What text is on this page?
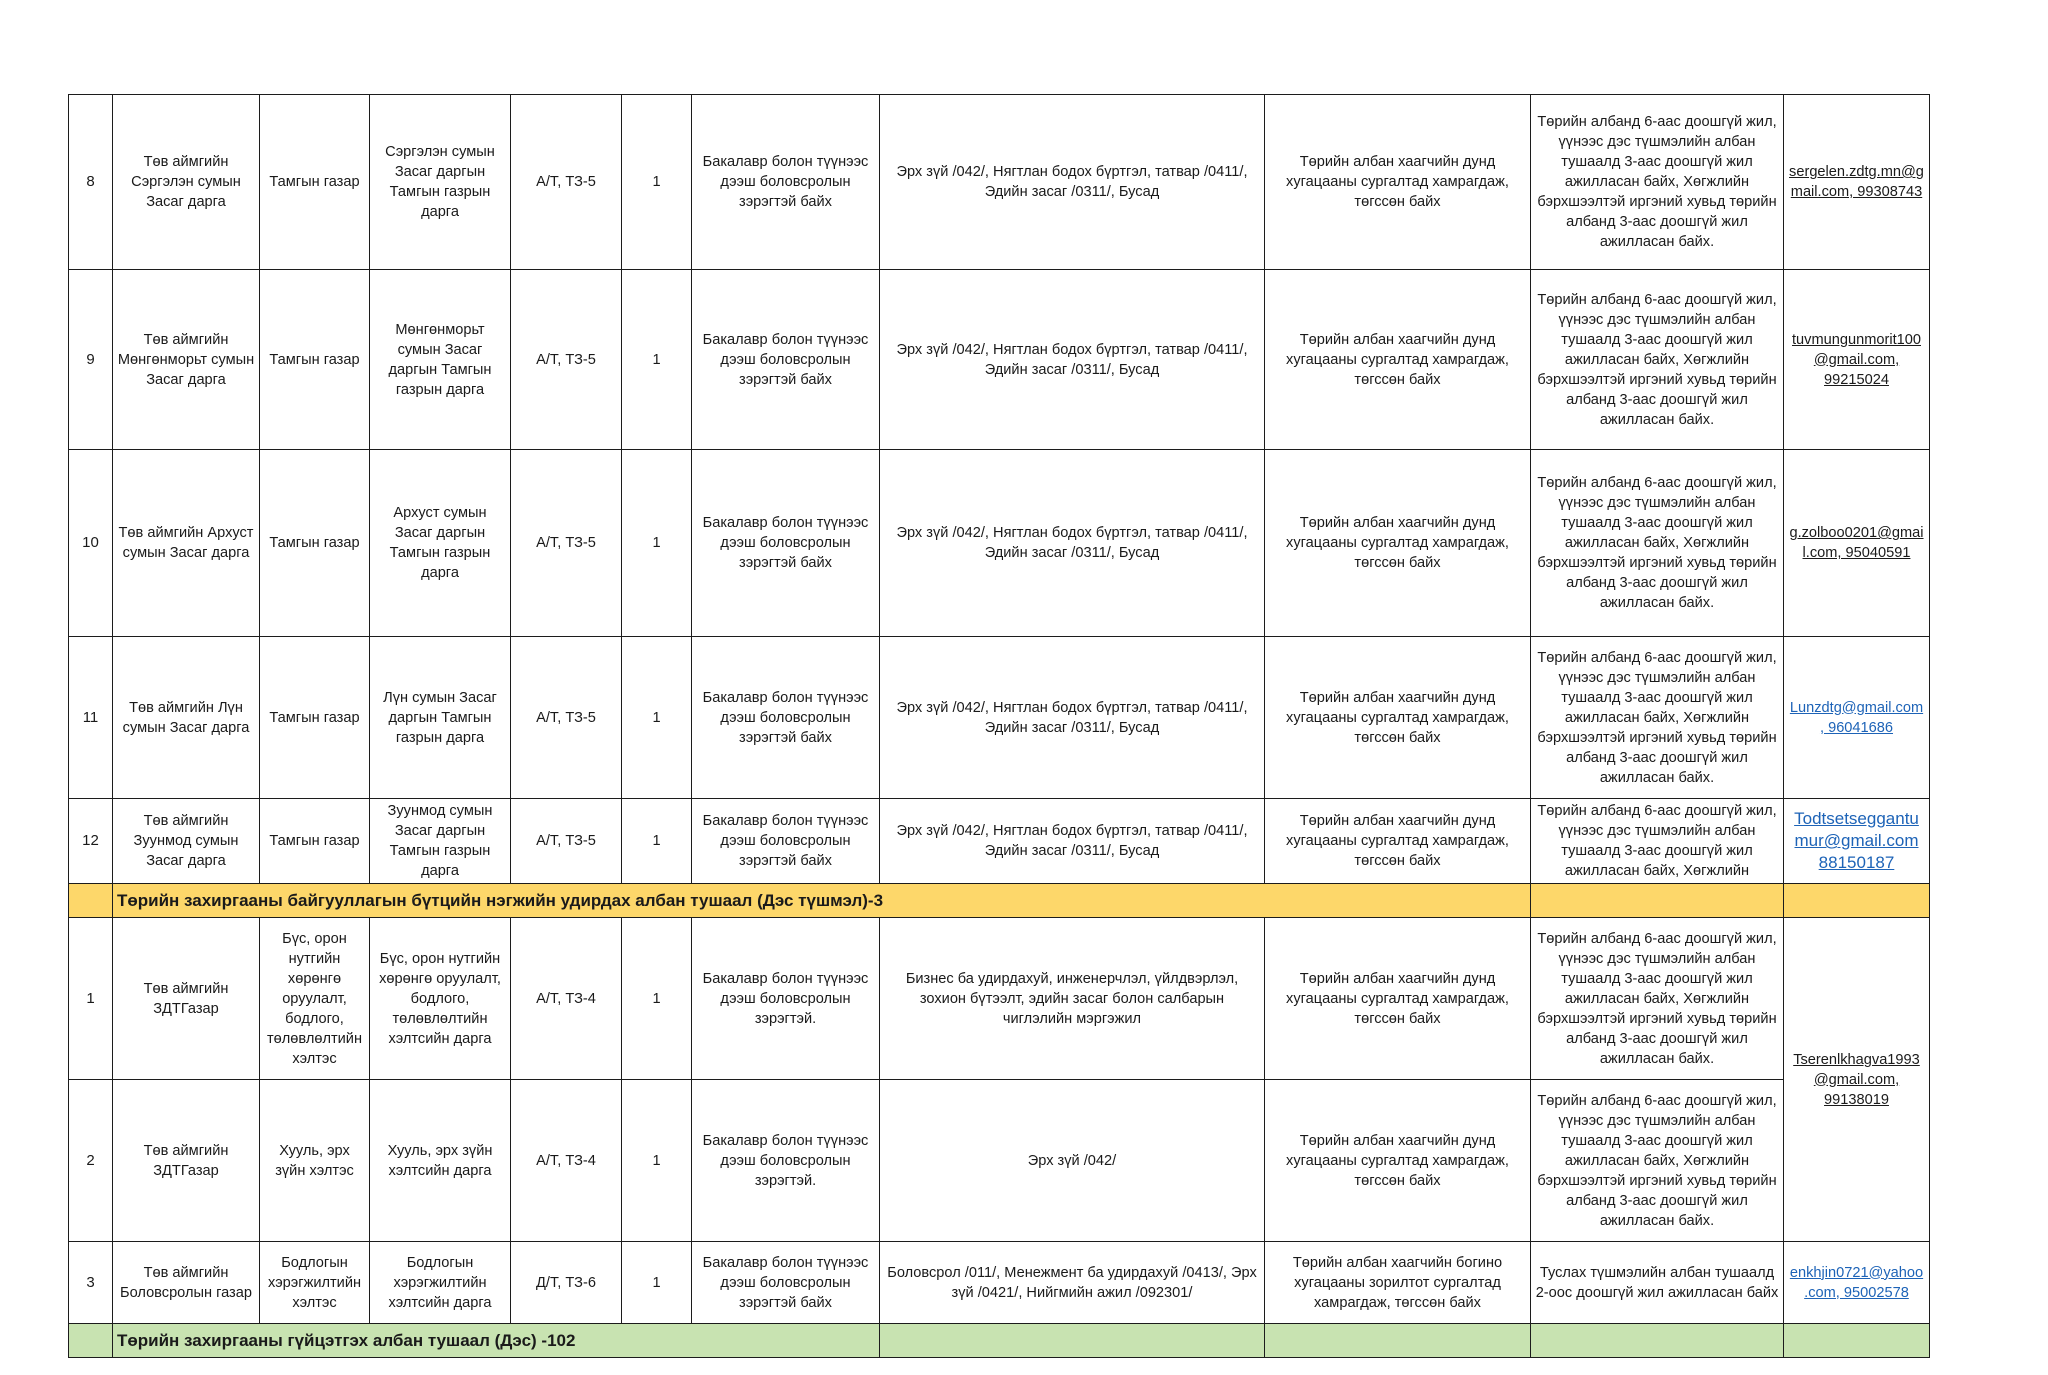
8	Төв аймгийн Сэргэлэн сумын Засаг дарга	Тамгын газар	Сэргэлэн сумын Засаг даргын Тамгын газрын дарга	А/Т, ТЗ-5	1	Бакалавр болон түүнээс дээш боловсролын зэрэгтэй байх	Эрх зүй /042/, Нягтлан бодох бүртгэл, татвар /0411/, Эдийн засаг /0311/, Бусад	Төрийн албан хаагчийн дунд хугацааны сургалтад хамрагдаж, төгссөн байх	Төрийн албанд 6-аас доошгүй жил, үүнээс дэс түшмэлийн албан тушаалд 3-аас доошгүй жил ажилласан байх, Хөгжлийн бэрхшээлтэй иргэний хувьд төрийн албанд 3-аас доошгүй жил ажилласан байх.	sergelen.zdtg.mn@gmail.com, 99308743
9	Төв аймгийн Мөнгөнморьт сумын Засаг дарга	Тамгын газар	Мөнгөнморьт сумын Засаг даргын Тамгын газрын дарга	А/Т, ТЗ-5	1	Бакалавр болон түүнээс дээш боловсролын зэрэгтэй байх	Эрх зүй /042/, Нягтлан бодох бүртгэл, татвар /0411/, Эдийн засаг /0311/, Бусад	Төрийн албан хаагчийн дунд хугацааны сургалтад хамрагдаж, төгссөн байх	Төрийн албанд 6-аас доошгүй жил, үүнээс дэс түшмэлийн албан тушаалд 3-аас доошгүй жил ажилласан байх, Хөгжлийн бэрхшээлтэй иргэний хувьд төрийн албанд 3-аас доошгүй жил ажилласан байх.	tuvmungunmorit100@gmail.com, 99215024
10	Төв аймгийн Архуст сумын Засаг дарга	Тамгын газар	Архуст сумын Засаг даргын Тамгын газрын дарга	А/Т, ТЗ-5	1	Бакалавр болон түүнээс дээш боловсролын зэрэгтэй байх	Эрх зүй /042/, Нягтлан бодох бүртгэл, татвар /0411/, Эдийн засаг /0311/, Бусад	Төрийн албан хаагчийн дунд хугацааны сургалтад хамрагдаж, төгссөн байх	Төрийн албанд 6-аас доошгүй жил, үүнээс дэс түшмэлийн албан тушаалд 3-аас доошгүй жил ажилласан байх, Хөгжлийн бэрхшээлтэй иргэний хувьд төрийн албанд 3-аас доошгүй жил ажилласан байх.	g.zolboo0201@gmail.com, 95040591
11	Төв аймгийн Лүн сумын Засаг дарга	Тамгын газар	Лүн сумын Засаг даргын Тамгын газрын дарга	А/Т, ТЗ-5	1	Бакалавр болон түүнээс дээш боловсролын зэрэгтэй байх	Эрх зүй /042/, Нягтлан бодох бүртгэл, татвар /0411/, Эдийн засаг /0311/, Бусад	Төрийн албан хаагчийн дунд хугацааны сургалтад хамрагдаж, төгссөн байх	Төрийн албанд 6-аас доошгүй жил, үүнээс дэс түшмэлийн албан тушаалд 3-аас доошгүй жил ажилласан байх, Хөгжлийн бэрхшээлтэй иргэний хувьд төрийн албанд 3-аас доошгүй жил ажилласан байх.	Lunzdtg@gmail.com, 96041686
12	Төв аймгийн Зуунмод сумын Засаг дарга	Тамгын газар	Зуунмод сумын Засаг даргын Тамгын газрын дарга	А/Т, ТЗ-5	1	Бакалавр болон түүнээс дээш боловсролын зэрэгтэй байх	Эрх зүй /042/, Нягтлан бодох бүртгэл, татвар /0411/, Эдийн засаг /0311/, Бусад	Төрийн албан хаагчийн дунд хугацааны сургалтад хамрагдаж, төгссөн байх	Төрийн албанд 6-аас доошгүй жил, үүнээс дэс түшмэлийн албан тушаалд 3-аас доошгүй жил ажилласан байх, Хөгжлийн	Todtsetseggantumur@gmail.com 88150187
	Төрийн захиргааны байгууллагын бүтцийн нэгжийн удирдах албан тушаал (Дэс түшмэл)-3									
1	Төв аймгийн ЗДТГазар	Бүс, орон нутгийн хөрөнгө оруулалт, бодлого, төлөвлөлтийн хэлтэс	Бүс, орон нутгийн хөрөнгө оруулалт, бодлого, төлөвлөлтийн хэлтсийн дарга	А/Т, ТЗ-4	1	Бакалавр болон түүнээс дээш боловсролын зэрэгтэй.	Бизнес ба удирдахуй, инженерчлэл, үйлдвэрлэл, зохион бүтээлт, эдийн засаг болон салбарын чиглэлийн мэргэжил	Төрийн албан хаагчийн дунд хугацааны сургалтад хамрагдаж, төгссөн байх	Төрийн албанд 6-аас доошгүй жил, үүнээс дэс түшмэлийн албан тушаалд 3-аас доошгүй жил ажилласан байх, Хөгжлийн бэрхшээлтэй иргэний хувьд төрийн албанд 3-аас доошгүй жил ажилласан байх.	Tserenlkhagva1993@gmail.com, 99138019
2	Төв аймгийн ЗДТГазар	Хууль, эрх зүйн хэлтэс	Хууль, эрх зүйн хэлтсийн дарга	А/Т, ТЗ-4	1	Бакалавр болон түүнээс дээш боловсролын зэрэгтэй.	Эрх зүй /042/	Төрийн албан хаагчийн дунд хугацааны сургалтад хамрагдаж, төгссөн байх	Төрийн албанд 6-аас доошгүй жил, үүнээс дэс түшмэлийн албан тушаалд 3-аас доошгүй жил ажилласан байх, Хөгжлийн бэрхшээлтэй иргэний хувьд төрийн албанд 3-аас доошгүй жил ажилласан байх.	
3	Төв аймгийн Боловсролын газар	Бодлогын хэрэгжилтийн хэлтэс	Бодлогын хэрэгжилтийн хэлтсийн дарга	Д/Т, ТЗ-6	1	Бакалавр болон түүнээс дээш боловсролын зэрэгтэй байх	Боловсрол /011/, Менежмент ба удирдахуй /0413/, Эрх зүй /0421/, Нийгмийн ажил /092301/	Төрийн албан хаагчийн богино хугацааны зорилтот сургалтад хамрагдаж, төгссөн байх	Туслах түшмэлийн албан тушаалд 2-оос доошгүй жил ажилласан байх	enkhjin0721@yahoo.com, 95002578
	Төрийн захиргааны гүйцэтгэх албан тушаал (Дэс) -102									
